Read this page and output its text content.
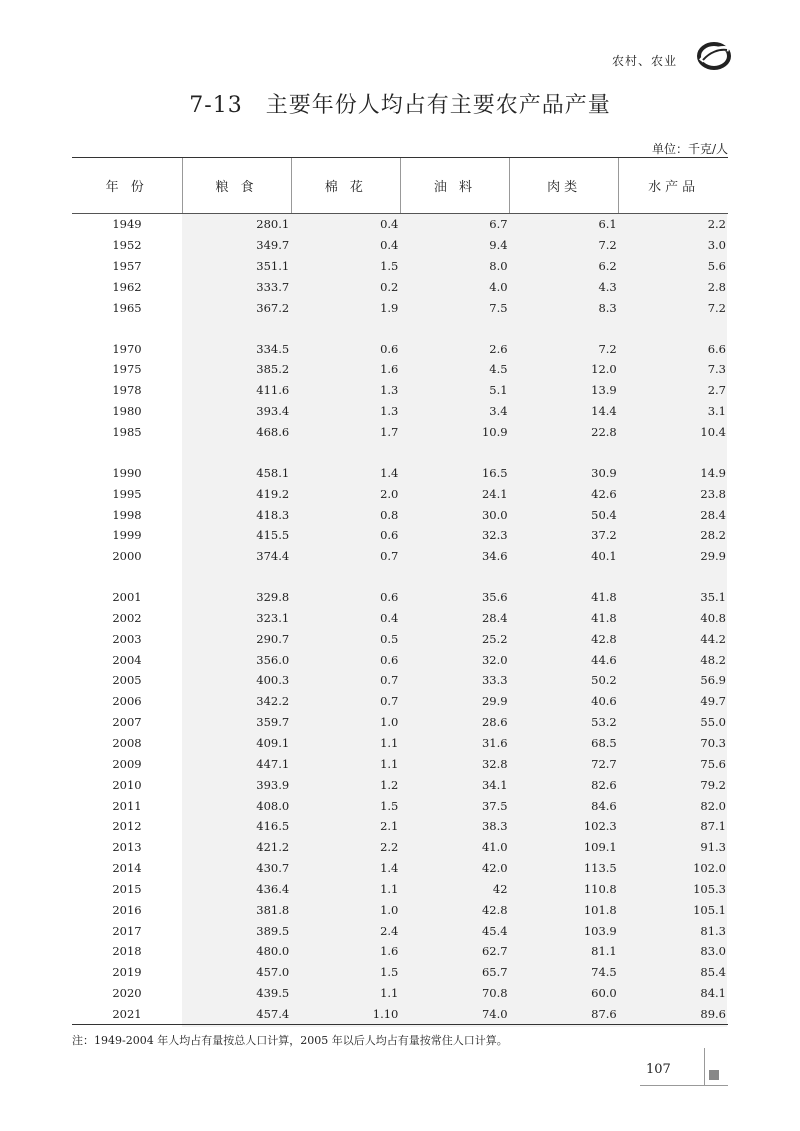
农村、农业
7-13　主要年份人均占有主要农产品产量
单位：千克/人
年 份	粮 食	棉 花	油 料	肉类	水产品
1949	280.1	0.4	6.7	6.1	2.2
1952	349.7	0.4	9.4	7.2	3.0
1957	351.1	1.5	8.0	6.2	5.6
1962	333.7	0.2	4.0	4.3	2.8
1965	367.2	1.9	7.5	8.3	7.2

1970	334.5	0.6	2.6	7.2	6.6
1975	385.2	1.6	4.5	12.0	7.3
1978	411.6	1.3	5.1	13.9	2.7
1980	393.4	1.3	3.4	14.4	3.1
1985	468.6	1.7	10.9	22.8	10.4

1990	458.1	1.4	16.5	30.9	14.9
1995	419.2	2.0	24.1	42.6	23.8
1998	418.3	0.8	30.0	50.4	28.4
1999	415.5	0.6	32.3	37.2	28.2
2000	374.4	0.7	34.6	40.1	29.9

2001	329.8	0.6	35.6	41.8	35.1
2002	323.1	0.4	28.4	41.8	40.8
2003	290.7	0.5	25.2	42.8	44.2
2004	356.0	0.6	32.0	44.6	48.2
2005	400.3	0.7	33.3	50.2	56.9
2006	342.2	0.7	29.9	40.6	49.7
2007	359.7	1.0	28.6	53.2	55.0
2008	409.1	1.1	31.6	68.5	70.3
2009	447.1	1.1	32.8	72.7	75.6
2010	393.9	1.2	34.1	82.6	79.2
2011	408.0	1.5	37.5	84.6	82.0
2012	416.5	2.1	38.3	102.3	87.1
2013	421.2	2.2	41.0	109.1	91.3
2014	430.7	1.4	42.0	113.5	102.0
2015	436.4	1.1	42	110.8	105.3
2016	381.8	1.0	42.8	101.8	105.1
2017	389.5	2.4	45.4	103.9	81.3
2018	480.0	1.6	62.7	81.1	83.0
2019	457.0	1.5	65.7	74.5	85.4
2020	439.5	1.1	70.8	60.0	84.1
2021	457.4	1.10	74.0	87.6	89.6
注：1949-2004 年人均占有量按总人口计算，2005 年以后人均占有量按常住人口计算。
107
